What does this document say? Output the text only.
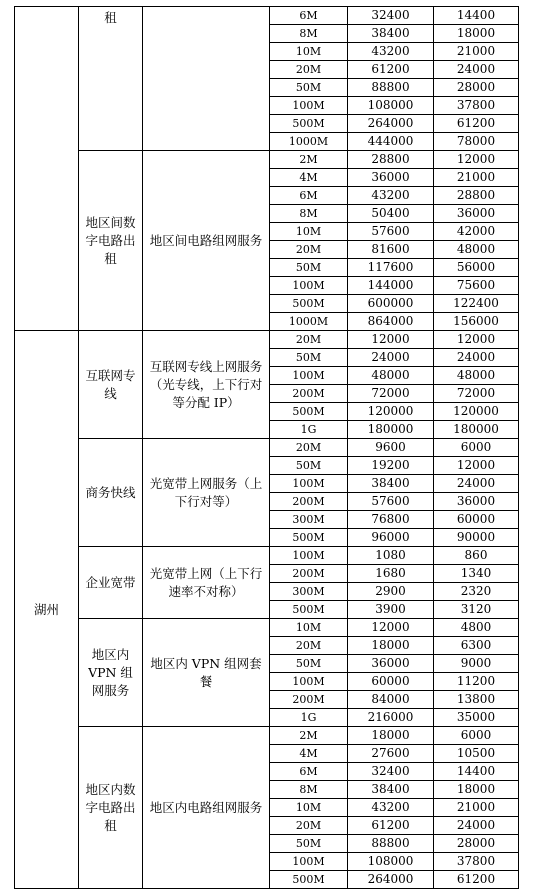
	租		6M	32400	14400
			8M	38400	18000
			10M	43200	21000
			20M	61200	24000
			50M	88800	28000
			100M	108000	37800
			500M	264000	61200
			1000M	444000	78000
	地区间数字电路出租	地区间电路组网服务	2M	28800	12000
			4M	36000	21000
			6M	43200	28800
			8M	50400	36000
			10M	57600	42000
			20M	81600	48000
			50M	117600	56000
			100M	144000	75600
			500M	600000	122400
			1000M	864000	156000
湖州	互联网专线	互联网专线上网服务（光专线，上下行对等分配 IP）	20M	12000	12000
			50M	24000	24000
			100M	48000	48000
			200M	72000	72000
			500M	120000	120000
			1G	180000	180000
	商务快线	光宽带上网服务（上下行对等）	20M	9600	6000
			50M	19200	12000
			100M	38400	24000
			200M	57600	36000
			300M	76800	60000
			500M	96000	90000
	企业宽带	光宽带上网（上下行速率不对称）	100M	1080	860
			200M	1680	1340
			300M	2900	2320
			500M	3900	3120
	地区内 VPN 组网服务	地区内 VPN 组网套餐	10M	12000	4800
			20M	18000	6300
			50M	36000	9000
			100M	60000	11200
			200M	84000	13800
			1G	216000	35000
	地区内数字电路出租	地区内电路组网服务	2M	18000	6000
			4M	27600	10500
			6M	32400	14400
			8M	38400	18000
			10M	43200	21000
			20M	61200	24000
			50M	88800	28000
			100M	108000	37800
			500M	264000	61200
